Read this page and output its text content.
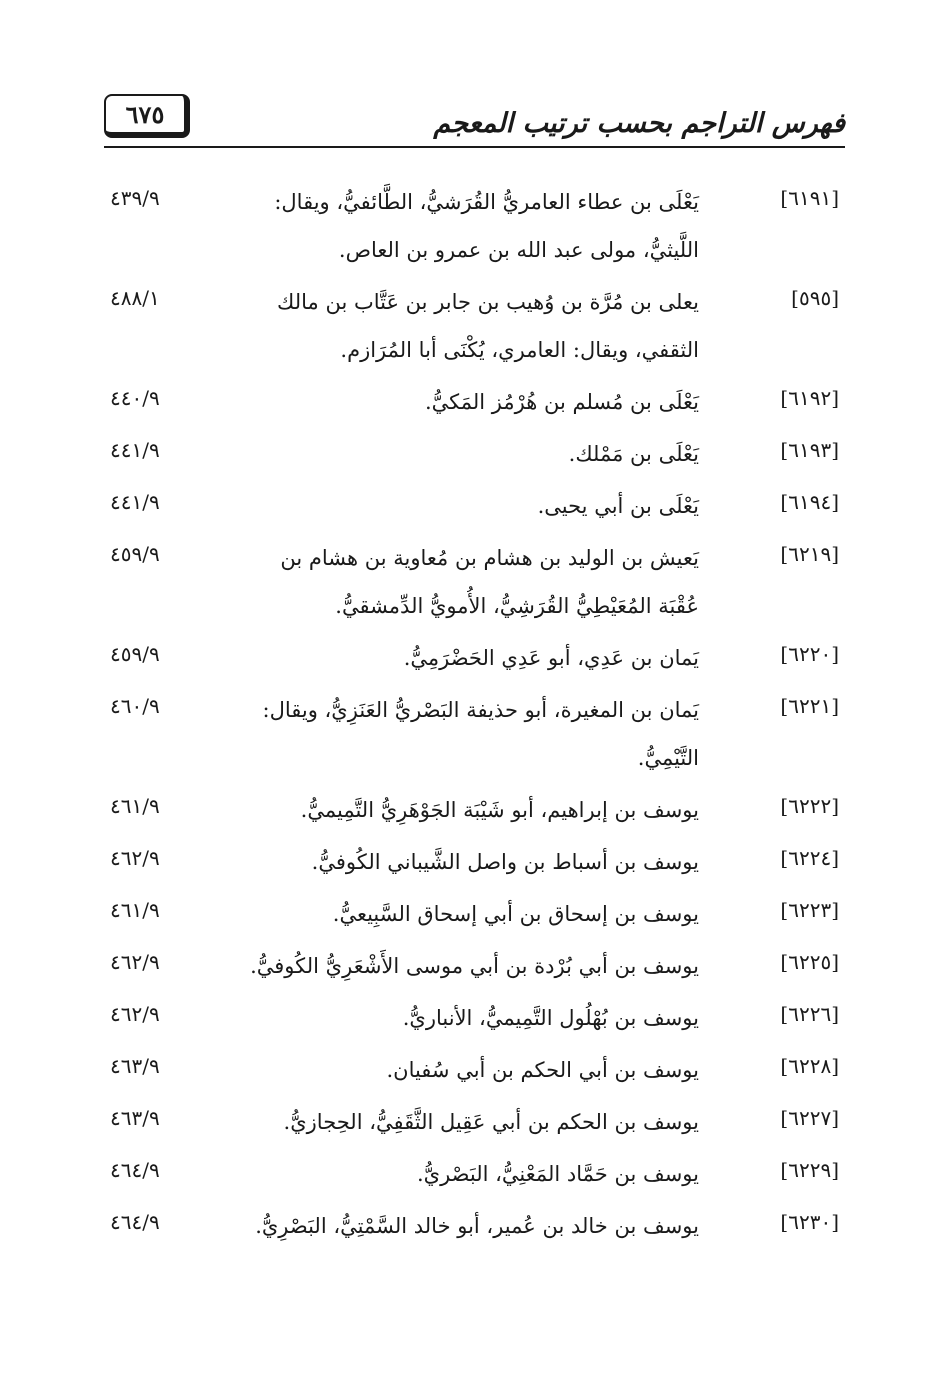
فهرس التراجم بحسب ترتيب المعجم
٦٧٥
[٦١٩١]
يَعْلَى بن عطاء العامريُّ القُرَشيُّ، الطَّائفيُّ، ويقال: اللَّيثيُّ، مولى عبد الله بن عمرو بن العاص.
٤٣٩/٩
[٥٩٥]
يعلى بن مُرَّة بن وُهيب بن جابر بن عَتَّاب بن مالك الثقفي، ويقال: العامري، يُكْنَى أبا المُرَازم.
٤٨٨/١
[٦١٩٢]
يَعْلَى بن مُسلم بن هُرْمُز المَكيُّ.
٤٤٠/٩
[٦١٩٣]
يَعْلَى بن مَمْلك.
٤٤١/٩
[٦١٩٤]
يَعْلَى بن أبي يحيى.
٤٤١/٩
[٦٢١٩]
يَعيش بن الوليد بن هشام بن مُعاوية بن هشام بن عُقْبَة المُعَيْطِيُّ القُرَشِيُّ، الأُمويُّ الدِّمشقيُّ.
٤٥٩/٩
[٦٢٢٠]
يَمان بن عَدِي، أبو عَدِي الحَضْرَمِيُّ.
٤٥٩/٩
[٦٢٢١]
يَمان بن المغيرة، أبو حذيفة البَصْريُّ العَنَزِيُّ، ويقال: التَّيْمِيُّ.
٤٦٠/٩
[٦٢٢٢]
يوسف بن إبراهيم، أبو شَيْبَة الجَوْهَرِيُّ التَّمِيميُّ.
٤٦١/٩
[٦٢٢٤]
يوسف بن أسباط بن واصل الشَّيباني الكُوفيُّ.
٤٦٢/٩
[٦٢٢٣]
يوسف بن إسحاق بن أبي إسحاق السَّبِيعيُّ.
٤٦١/٩
[٦٢٢٥]
يوسف بن أبي بُرْدة بن أبي موسى الأَشْعَرِيُّ الكُوفيُّ.
٤٦٢/٩
[٦٢٢٦]
يوسف بن بُهْلُول التَّمِيميُّ، الأنباريُّ.
٤٦٢/٩
[٦٢٢٨]
يوسف بن أبي الحكم بن أبي سُفيان.
٤٦٣/٩
[٦٢٢٧]
يوسف بن الحكم بن أبي عَقِيل الثَّقَفِيُّ، الحِجازيُّ.
٤٦٣/٩
[٦٢٢٩]
يوسف بن حَمَّاد المَعْنِيُّ، البَصْريُّ.
٤٦٤/٩
[٦٢٣٠]
يوسف بن خالد بن عُمير، أبو خالد السَّمْتِيُّ، البَصْرِيُّ.
٤٦٤/٩
